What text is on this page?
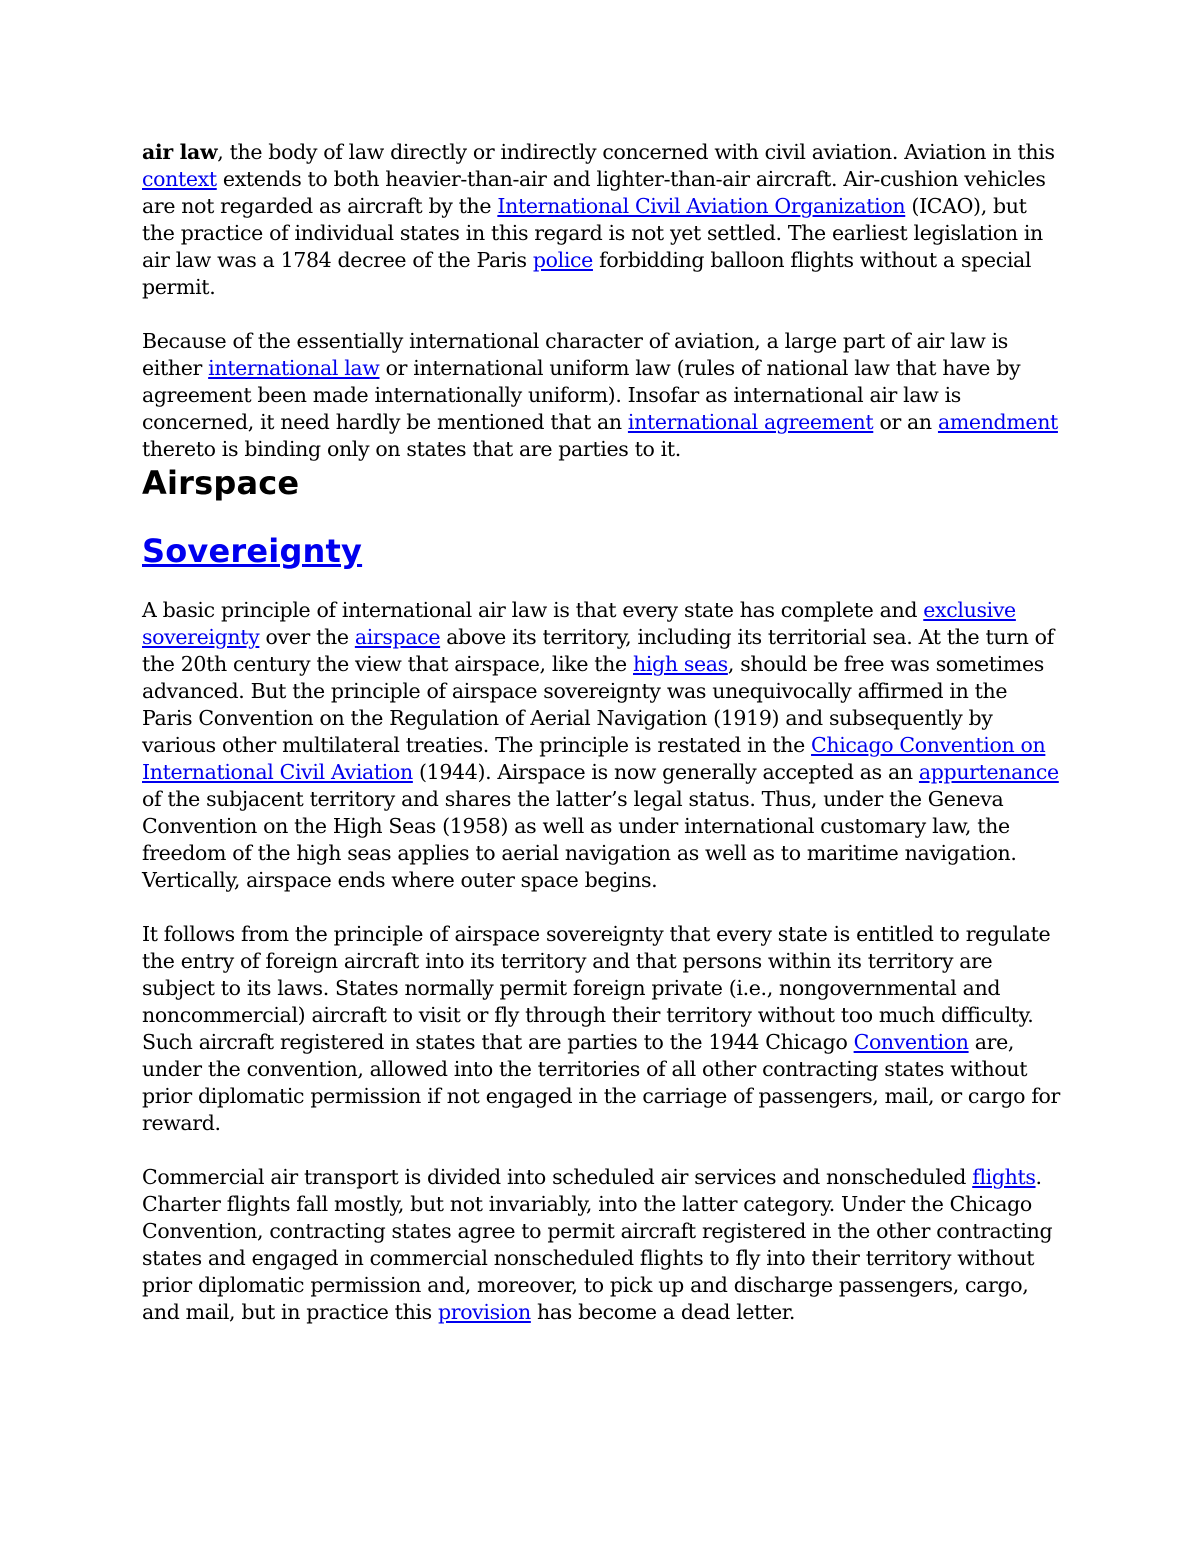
air law, the body of law directly or indirectly concerned with civil aviation. Aviation in this context extends to both heavier-than-air and lighter-than-air aircraft. Air-cushion vehicles are not regarded as aircraft by the International Civil Aviation Organization (ICAO), but the practice of individual states in this regard is not yet settled. The earliest legislation in air law was a 1784 decree of the Paris police forbidding balloon flights without a special permit.

Because of the essentially international character of aviation, a large part of air law is either international law or international uniform law (rules of national law that have by agreement been made internationally uniform). Insofar as international air law is concerned, it need hardly be mentioned that an international agreement or an amendment thereto is binding only on states that are parties to it.

Airspace
Sovereignty

A basic principle of international air law is that every state has complete and exclusive sovereignty over the airspace above its territory, including its territorial sea. At the turn of the 20th century the view that airspace, like the high seas, should be free was sometimes advanced. But the principle of airspace sovereignty was unequivocally affirmed in the Paris Convention on the Regulation of Aerial Navigation (1919) and subsequently by various other multilateral treaties. The principle is restated in the Chicago Convention on International Civil Aviation (1944). Airspace is now generally accepted as an appurtenance of the subjacent territory and shares the latter’s legal status. Thus, under the Geneva Convention on the High Seas (1958) as well as under international customary law, the freedom of the high seas applies to aerial navigation as well as to maritime navigation. Vertically, airspace ends where outer space begins.

It follows from the principle of airspace sovereignty that every state is entitled to regulate the entry of foreign aircraft into its territory and that persons within its territory are subject to its laws. States normally permit foreign private (i.e., nongovernmental and noncommercial) aircraft to visit or fly through their territory without too much difficulty. Such aircraft registered in states that are parties to the 1944 Chicago Convention are, under the convention, allowed into the territories of all other contracting states without prior diplomatic permission if not engaged in the carriage of passengers, mail, or cargo for reward.

Commercial air transport is divided into scheduled air services and nonscheduled flights. Charter flights fall mostly, but not invariably, into the latter category. Under the Chicago Convention, contracting states agree to permit aircraft registered in the other contracting states and engaged in commercial nonscheduled flights to fly into their territory without prior diplomatic permission and, moreover, to pick up and discharge passengers, cargo, and mail, but in practice this provision has become a dead letter.
